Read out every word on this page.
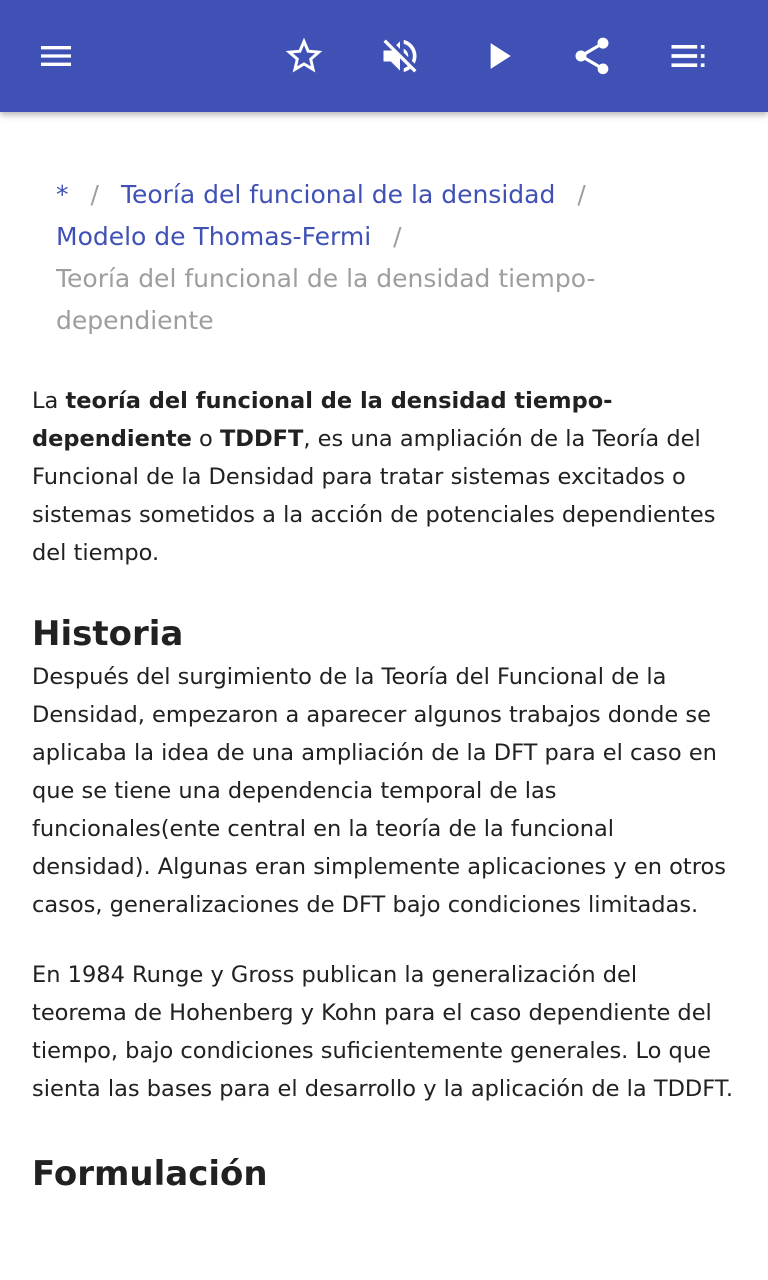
* / Teoría del funcional de la densidad /
Modelo de Thomas-Fermi /
Teoría del funcional de la densidad tiempo-dependiente

La teoría del funcional de la densidad tiempo-dependiente o TDDFT, es una ampliación de la Teoría del Funcional de la Densidad para tratar sistemas excitados o sistemas sometidos a la acción de potenciales dependientes del tiempo.

Historia

Después del surgimiento de la Teoría del Funcional de la Densidad, empezaron a aparecer algunos trabajos donde se aplicaba la idea de una ampliación de la DFT para el caso en que se tiene una dependencia temporal de las funcionales(ente central en la teoría de la funcional densidad). Algunas eran simplemente aplicaciones y en otros casos, generalizaciones de DFT bajo condiciones limitadas.

En 1984 Runge y Gross publican la generalización del teorema de Hohenberg y Kohn para el caso dependiente del tiempo, bajo condiciones suficientemente generales. Lo que sienta las bases para el desarrollo y la aplicación de la TDDFT.

Formulación
